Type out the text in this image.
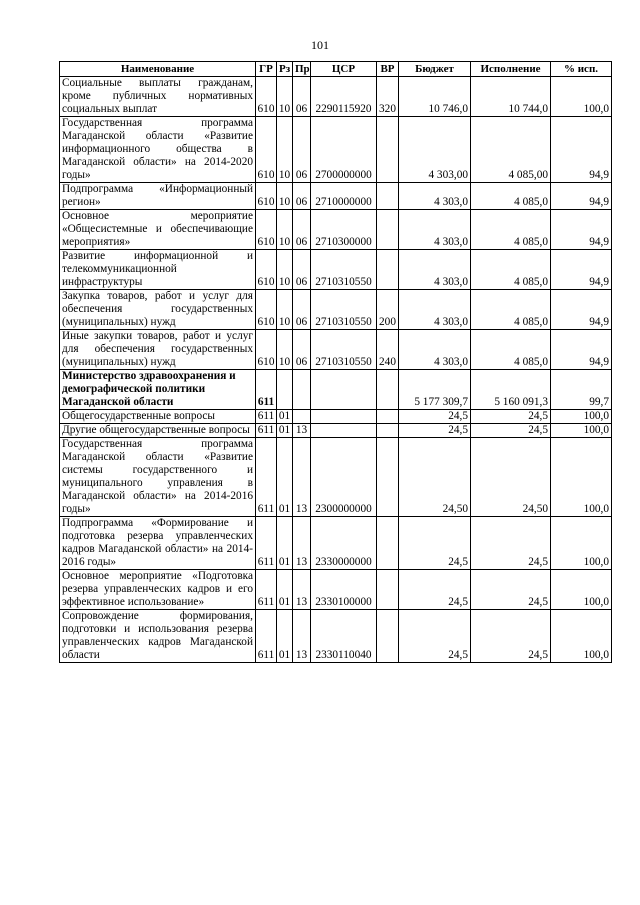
101
Наименование	ГР	Рз	Пр	ЦСР	ВР	Бюджет	Исполнение	% исп.
Социальные выплаты гражданам, кроме публичных нормативных социальных выплат	610	10	06	2290115920	320	10 746,0	10 744,0	100,0
Государственная программа Магаданской области «Развитие информационного общества в Магаданской области» на 2014-2020 годы»	610	10	06	2700000000		4 303,00	4 085,00	94,9
Подпрограмма «Информационный регион»	610	10	06	2710000000		4 303,0	4 085,0	94,9
Основное мероприятие «Общесистемные и обеспечивающие мероприятия»	610	10	06	2710300000		4 303,0	4 085,0	94,9
Развитие информационной и телекоммуникационной инфраструктуры	610	10	06	2710310550		4 303,0	4 085,0	94,9
Закупка товаров, работ и услуг для обеспечения государственных (муниципальных) нужд	610	10	06	2710310550	200	4 303,0	4 085,0	94,9
Иные закупки товаров, работ и услуг для обеспечения государственных (муниципальных) нужд	610	10	06	2710310550	240	4 303,0	4 085,0	94,9
Министерство здравоохранения и демографической политики Магаданской области	611					5 177 309,7	5 160 091,3	99,7
Общегосударственные вопросы	611	01				24,5	24,5	100,0
Другие общегосударственные вопросы	611	01	13			24,5	24,5	100,0
Государственная программа Магаданской области «Развитие системы государственного и муниципального управления в Магаданской области» на 2014-2016 годы»	611	01	13	2300000000		24,50	24,50	100,0
Подпрограмма «Формирование и подготовка резерва управленческих кадров Магаданской области» на 2014-2016 годы»	611	01	13	2330000000		24,5	24,5	100,0
Основное мероприятие «Подготовка резерва управленческих кадров и его эффективное использование»	611	01	13	2330100000		24,5	24,5	100,0
Сопровождение формирования, подготовки и использования резерва управленческих кадров Магаданской области	611	01	13	2330110040		24,5	24,5	100,0
